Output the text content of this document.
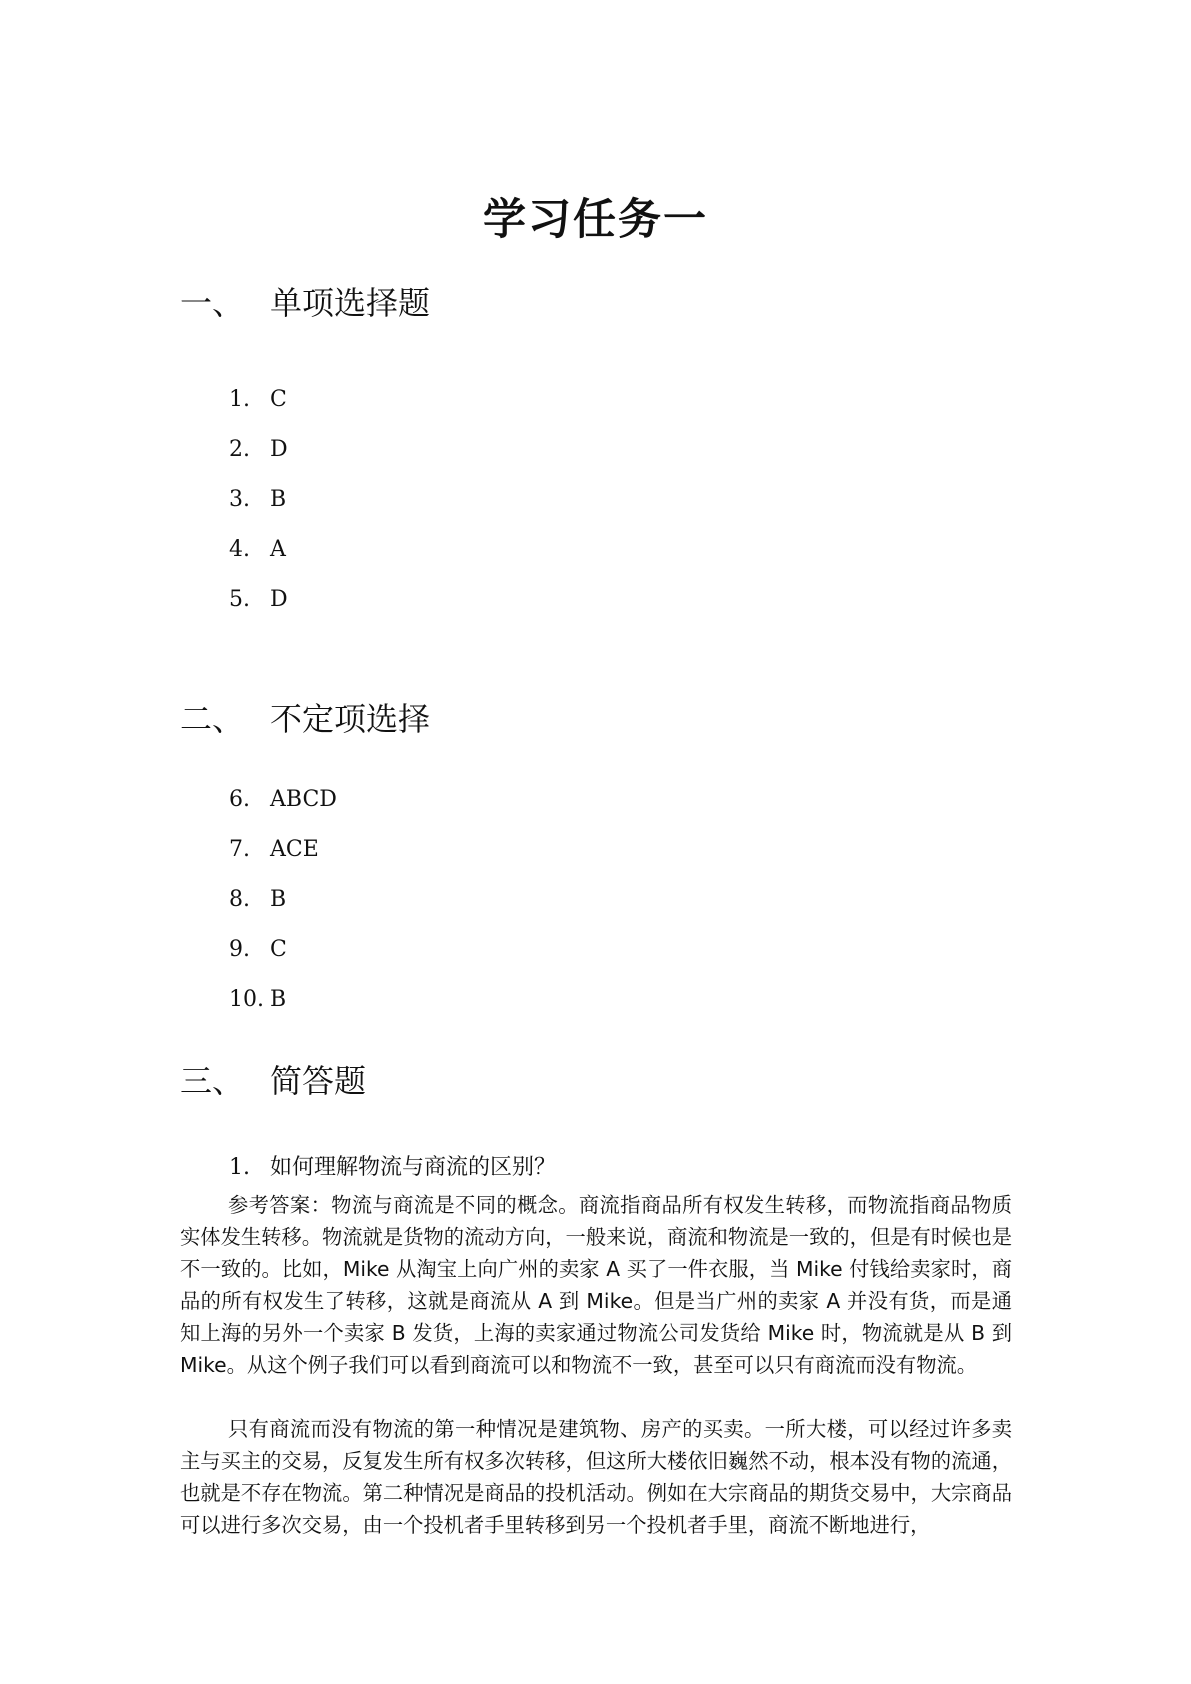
学习任务一
一、 单项选择题
1. C
2. D
3. B
4. A
5. D
二、 不定项选择
6. ABCD
7. ACE
8. B
9. C
10. B
三、 简答题
1. 如何理解物流与商流的区别？

参考答案：物流与商流是不同的概念。商流指商品所有权发生转移，而物流指商品物质实体发生转移。物流就是货物的流动方向，一般来说，商流和物流是一致的，但是有时候也是不一致的。比如，Mike 从淘宝上向广州的卖家 A 买了一件衣服，当 Mike 付钱给卖家时，商品的所有权发生了转移，这就是商流从 A 到 Mike。但是当广州的卖家 A 并没有货，而是通知上海的另外一个卖家 B 发货，上海的卖家通过物流公司发货给 Mike 时，物流就是从 B 到 Mike。从这个例子我们可以看到商流可以和物流不一致，甚至可以只有商流而没有物流。

只有商流而没有物流的第一种情况是建筑物、房产的买卖。一所大楼，可以经过许多卖主与买主的交易，反复发生所有权多次转移，但这所大楼依旧巍然不动，根本没有物的流通，也就是不存在物流。第二种情况是商品的投机活动。例如在大宗商品的期货交易中，大宗商品可以进行多次交易，由一个投机者手里转移到另一个投机者手里，商流不断地进行，
